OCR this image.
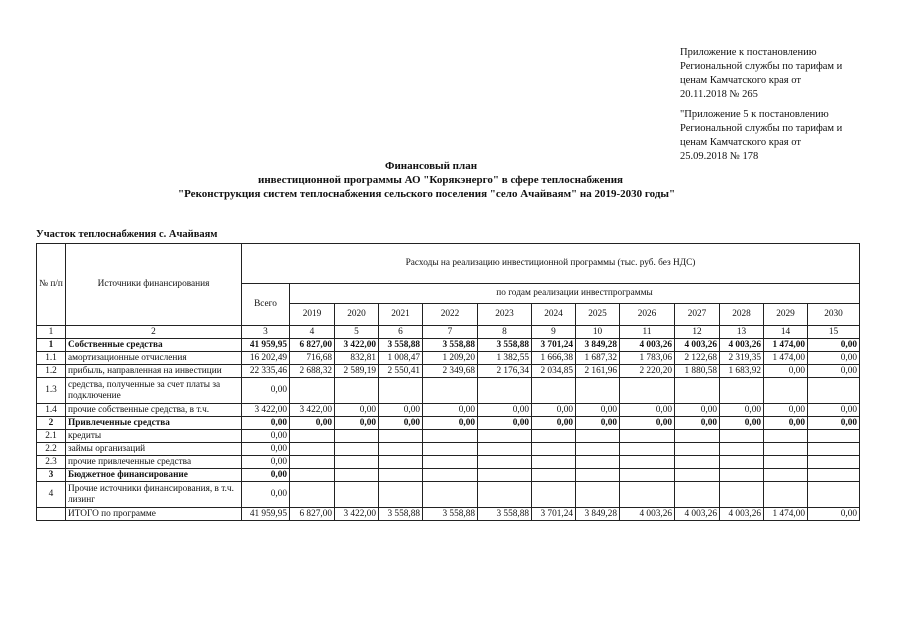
Приложение к постановлению
Региональной службы по тарифам и
ценам Камчатского края от
20.11.2018 № 265
"Приложение 5 к постановлению
Региональной службы по тарифам и
ценам Камчатского края от
25.09.2018 № 178
Финансовый план
инвестиционной программы АО "Корякэнерго" в сфере теплоснабжения
"Реконструкция систем теплоснабжения сельского поселения "село Ачайваям" на 2019-2030 годы"
Участок теплоснабжения с. Ачайваям
№ п/п	Источники финансирования	Расходы на реализацию инвестиционной программы (тыс. руб. без НДС)												
		Всего	по годам реализации инвестпрограммы											
			2019	2020	2021	2022	2023	2024	2025	2026	2027	2028	2029	2030
1	2	3	4	5	6	7	8	9	10	11	12	13	14	15
1	Собственные средства	41 959,95	6 827,00	3 422,00	3 558,88	3 558,88	3 558,88	3 701,24	3 849,28	4 003,26	4 003,26	4 003,26	1 474,00	0,00
1.1	амортизационные отчисления	16 202,49	716,68	832,81	1 008,47	1 209,20	1 382,55	1 666,38	1 687,32	1 783,06	2 122,68	2 319,35	1 474,00	0,00
1.2	прибыль, направленная на инвестиции	22 335,46	2 688,32	2 589,19	2 550,41	2 349,68	2 176,34	2 034,85	2 161,96	2 220,20	1 880,58	1 683,92	0,00	0,00
1.3	средства, полученные за счет платы за подключение	0,00												
1.4	прочие собственные средства, в т.ч.	3 422,00	3 422,00	0,00	0,00	0,00	0,00	0,00	0,00	0,00	0,00	0,00	0,00	0,00
2	Привлеченные средства	0,00	0,00	0,00	0,00	0,00	0,00	0,00	0,00	0,00	0,00	0,00	0,00	0,00
2.1	кредиты	0,00												
2.2	займы организаций	0,00												
2.3	прочие привлеченные средства	0,00												
3	Бюджетное финансирование	0,00												
4	Прочие источники финансирования, в т.ч. лизинг	0,00												
	ИТОГО по программе	41 959,95	6 827,00	3 422,00	3 558,88	3 558,88	3 558,88	3 701,24	3 849,28	4 003,26	4 003,26	4 003,26	1 474,00	0,00
